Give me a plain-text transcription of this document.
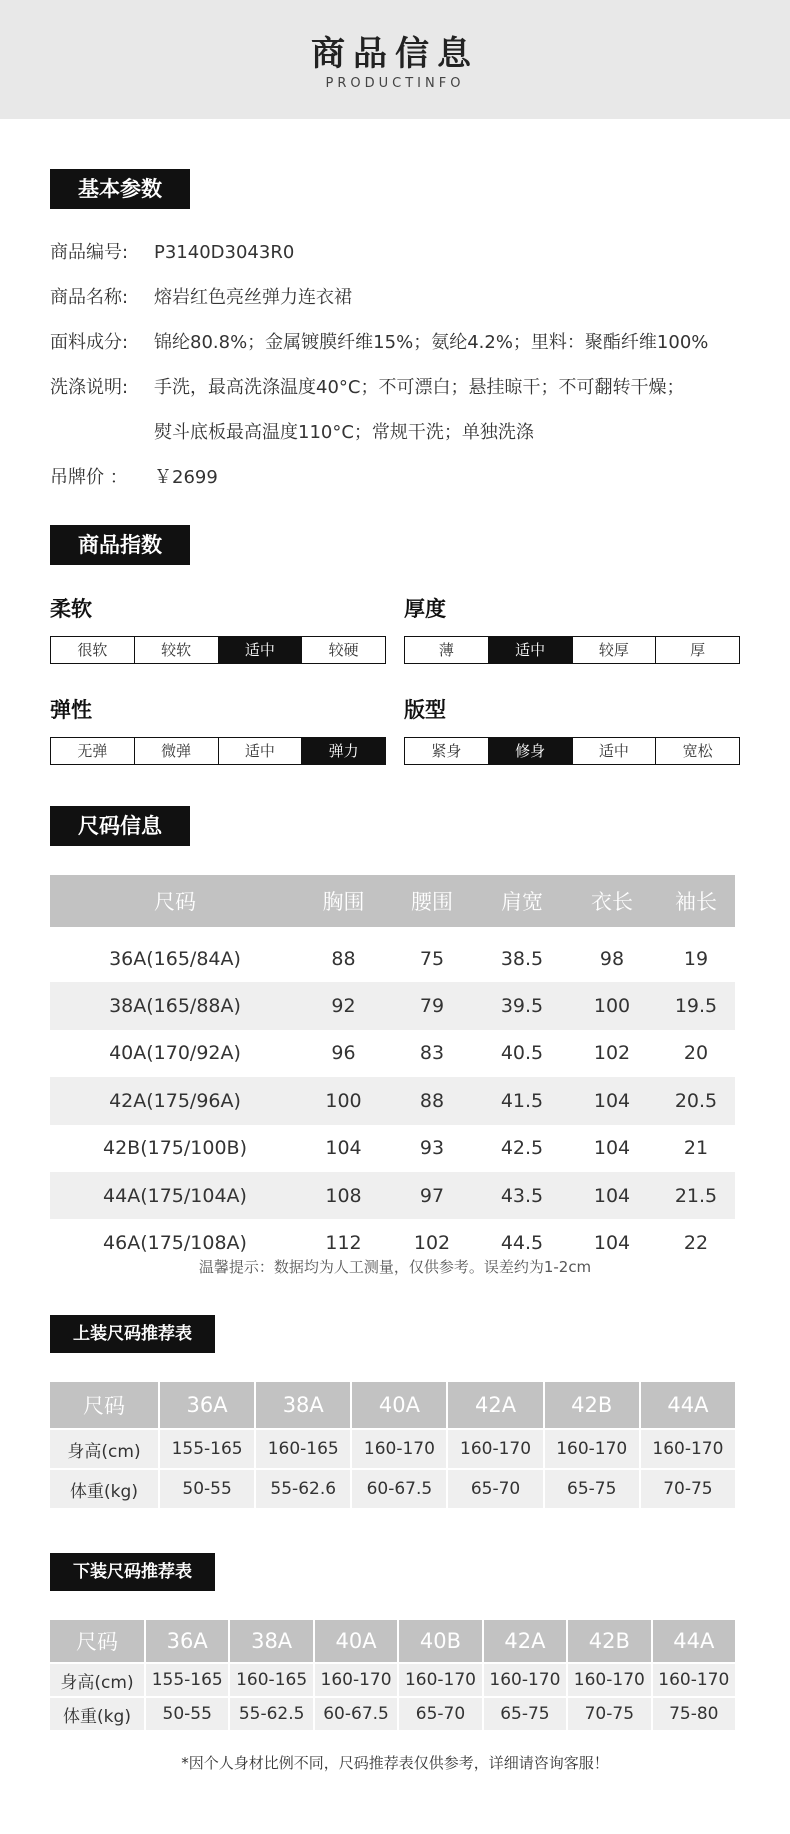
商品信息
PRODUCTINFO
基本参数
商品编号: P3140D3043R0
商品名称: 熔岩红色亮丝弹力连衣裙
面料成分: 锦纶80.8%；金属镀膜纤维15%；氨纶4.2%；里料：聚酯纤维100%
洗涤说明: 手洗，最高洗涤温度40°C；不可漂白；悬挂晾干；不可翻转干燥；
熨斗底板最高温度110°C；常规干洗；单独洗涤
吊牌价 ： ￥2699
商品指数
柔软
很软	较软	适中	较硬
厚度
薄	适中	较厚	厚
弹性
无弹	微弹	适中	弹力
版型
紧身	修身	适中	宽松
尺码信息
尺码	胸围	腰围	肩宽	衣长	袖长

36A(165/84A)	88	75	38.5	98	19
38A(165/88A)	92	79	39.5	100	19.5
40A(170/92A)	96	83	40.5	102	20
42A(175/96A)	100	88	41.5	104	20.5
42B(175/100B)	104	93	42.5	104	21
44A(175/104A)	108	97	43.5	104	21.5
46A(175/108A)	112	102	44.5	104	22
温馨提示：数据均为人工测量，仅供参考。误差约为1-2cm
上装尺码推荐表
尺码	36A	38A	40A	42A	42B	44A
身高(cm)	155-165	160-165	160-170	160-170	160-170	160-170
体重(kg)	50-55	55-62.6	60-67.5	65-70	65-75	70-75
下装尺码推荐表
尺码	36A	38A	40A	40B	42A	42B	44A
身高(cm)	155-165	160-165	160-170	160-170	160-170	160-170	160-170
体重(kg)	50-55	55-62.5	60-67.5	65-70	65-75	70-75	75-80
*因个人身材比例不同，尺码推荐表仅供参考，详细请咨询客服！
